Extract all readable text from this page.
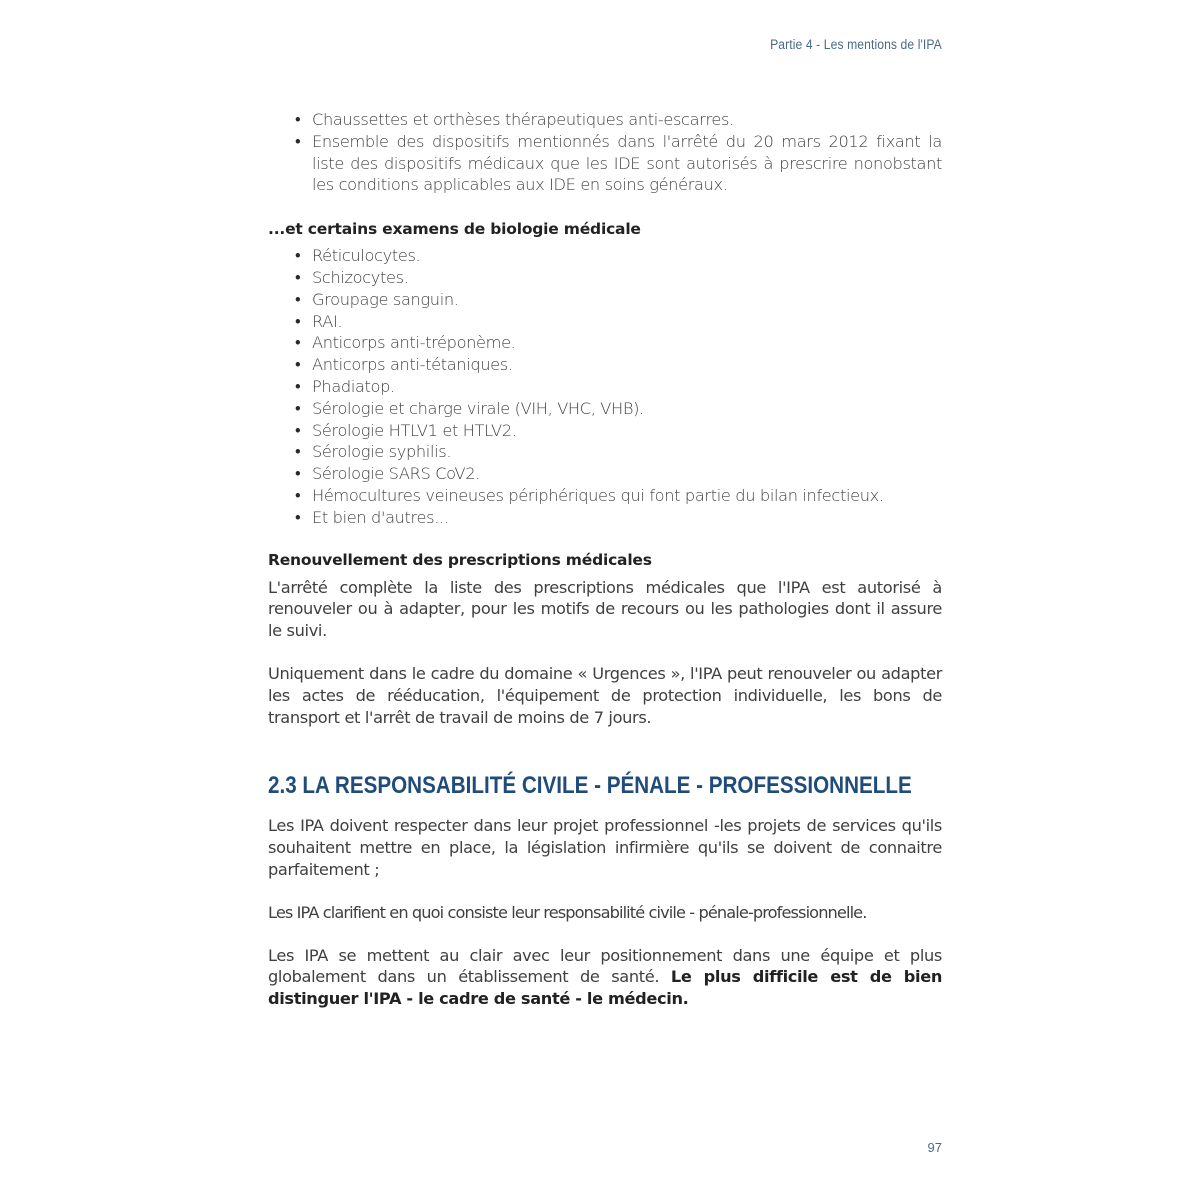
Partie 4 - Les mentions de l'IPA
• Chaussettes et orthèses thérapeutiques anti-escarres.
• Ensemble des dispositifs mentionnés dans l'arrêté du 20 mars 2012 fixant la liste des dispositifs médicaux que les IDE sont autorisés à prescrire nonobstant les conditions applicables aux IDE en soins généraux.
...et certains examens de biologie médicale
• Réticulocytes.
• Schizocytes.
• Groupage sanguin.
• RAI.
• Anticorps anti-tréponème.
• Anticorps anti-tétaniques.
• Phadiatop.
• Sérologie et charge virale (VIH, VHC, VHB).
• Sérologie HTLV1 et HTLV2.
• Sérologie syphilis.
• Sérologie SARS CoV2.
• Hémocultures veineuses périphériques qui font partie du bilan infectieux.
• Et bien d'autres...
Renouvellement des prescriptions médicales

L'arrêté complète la liste des prescriptions médicales que l'IPA est autorisé à renouveler ou à adapter, pour les motifs de recours ou les pathologies dont il assure le suivi.

Uniquement dans le cadre du domaine « Urgences », l'IPA peut renouveler ou adapter les actes de rééducation, l'équipement de protection individuelle, les bons de transport et l'arrêt de travail de moins de 7 jours.

2.3 LA RESPONSABILITÉ CIVILE - PÉNALE - PROFESSIONNELLE

Les IPA doivent respecter dans leur projet professionnel -les projets de services qu'ils souhaitent mettre en place, la législation infirmière qu'ils se doivent de connaitre parfaitement ;

Les IPA clarifient en quoi consiste leur responsabilité civile - pénale-professionnelle.

Les IPA se mettent au clair avec leur positionnement dans une équipe et plus globalement dans un établissement de santé. Le plus difficile est de bien distinguer l'IPA - le cadre de santé - le médecin.

97
